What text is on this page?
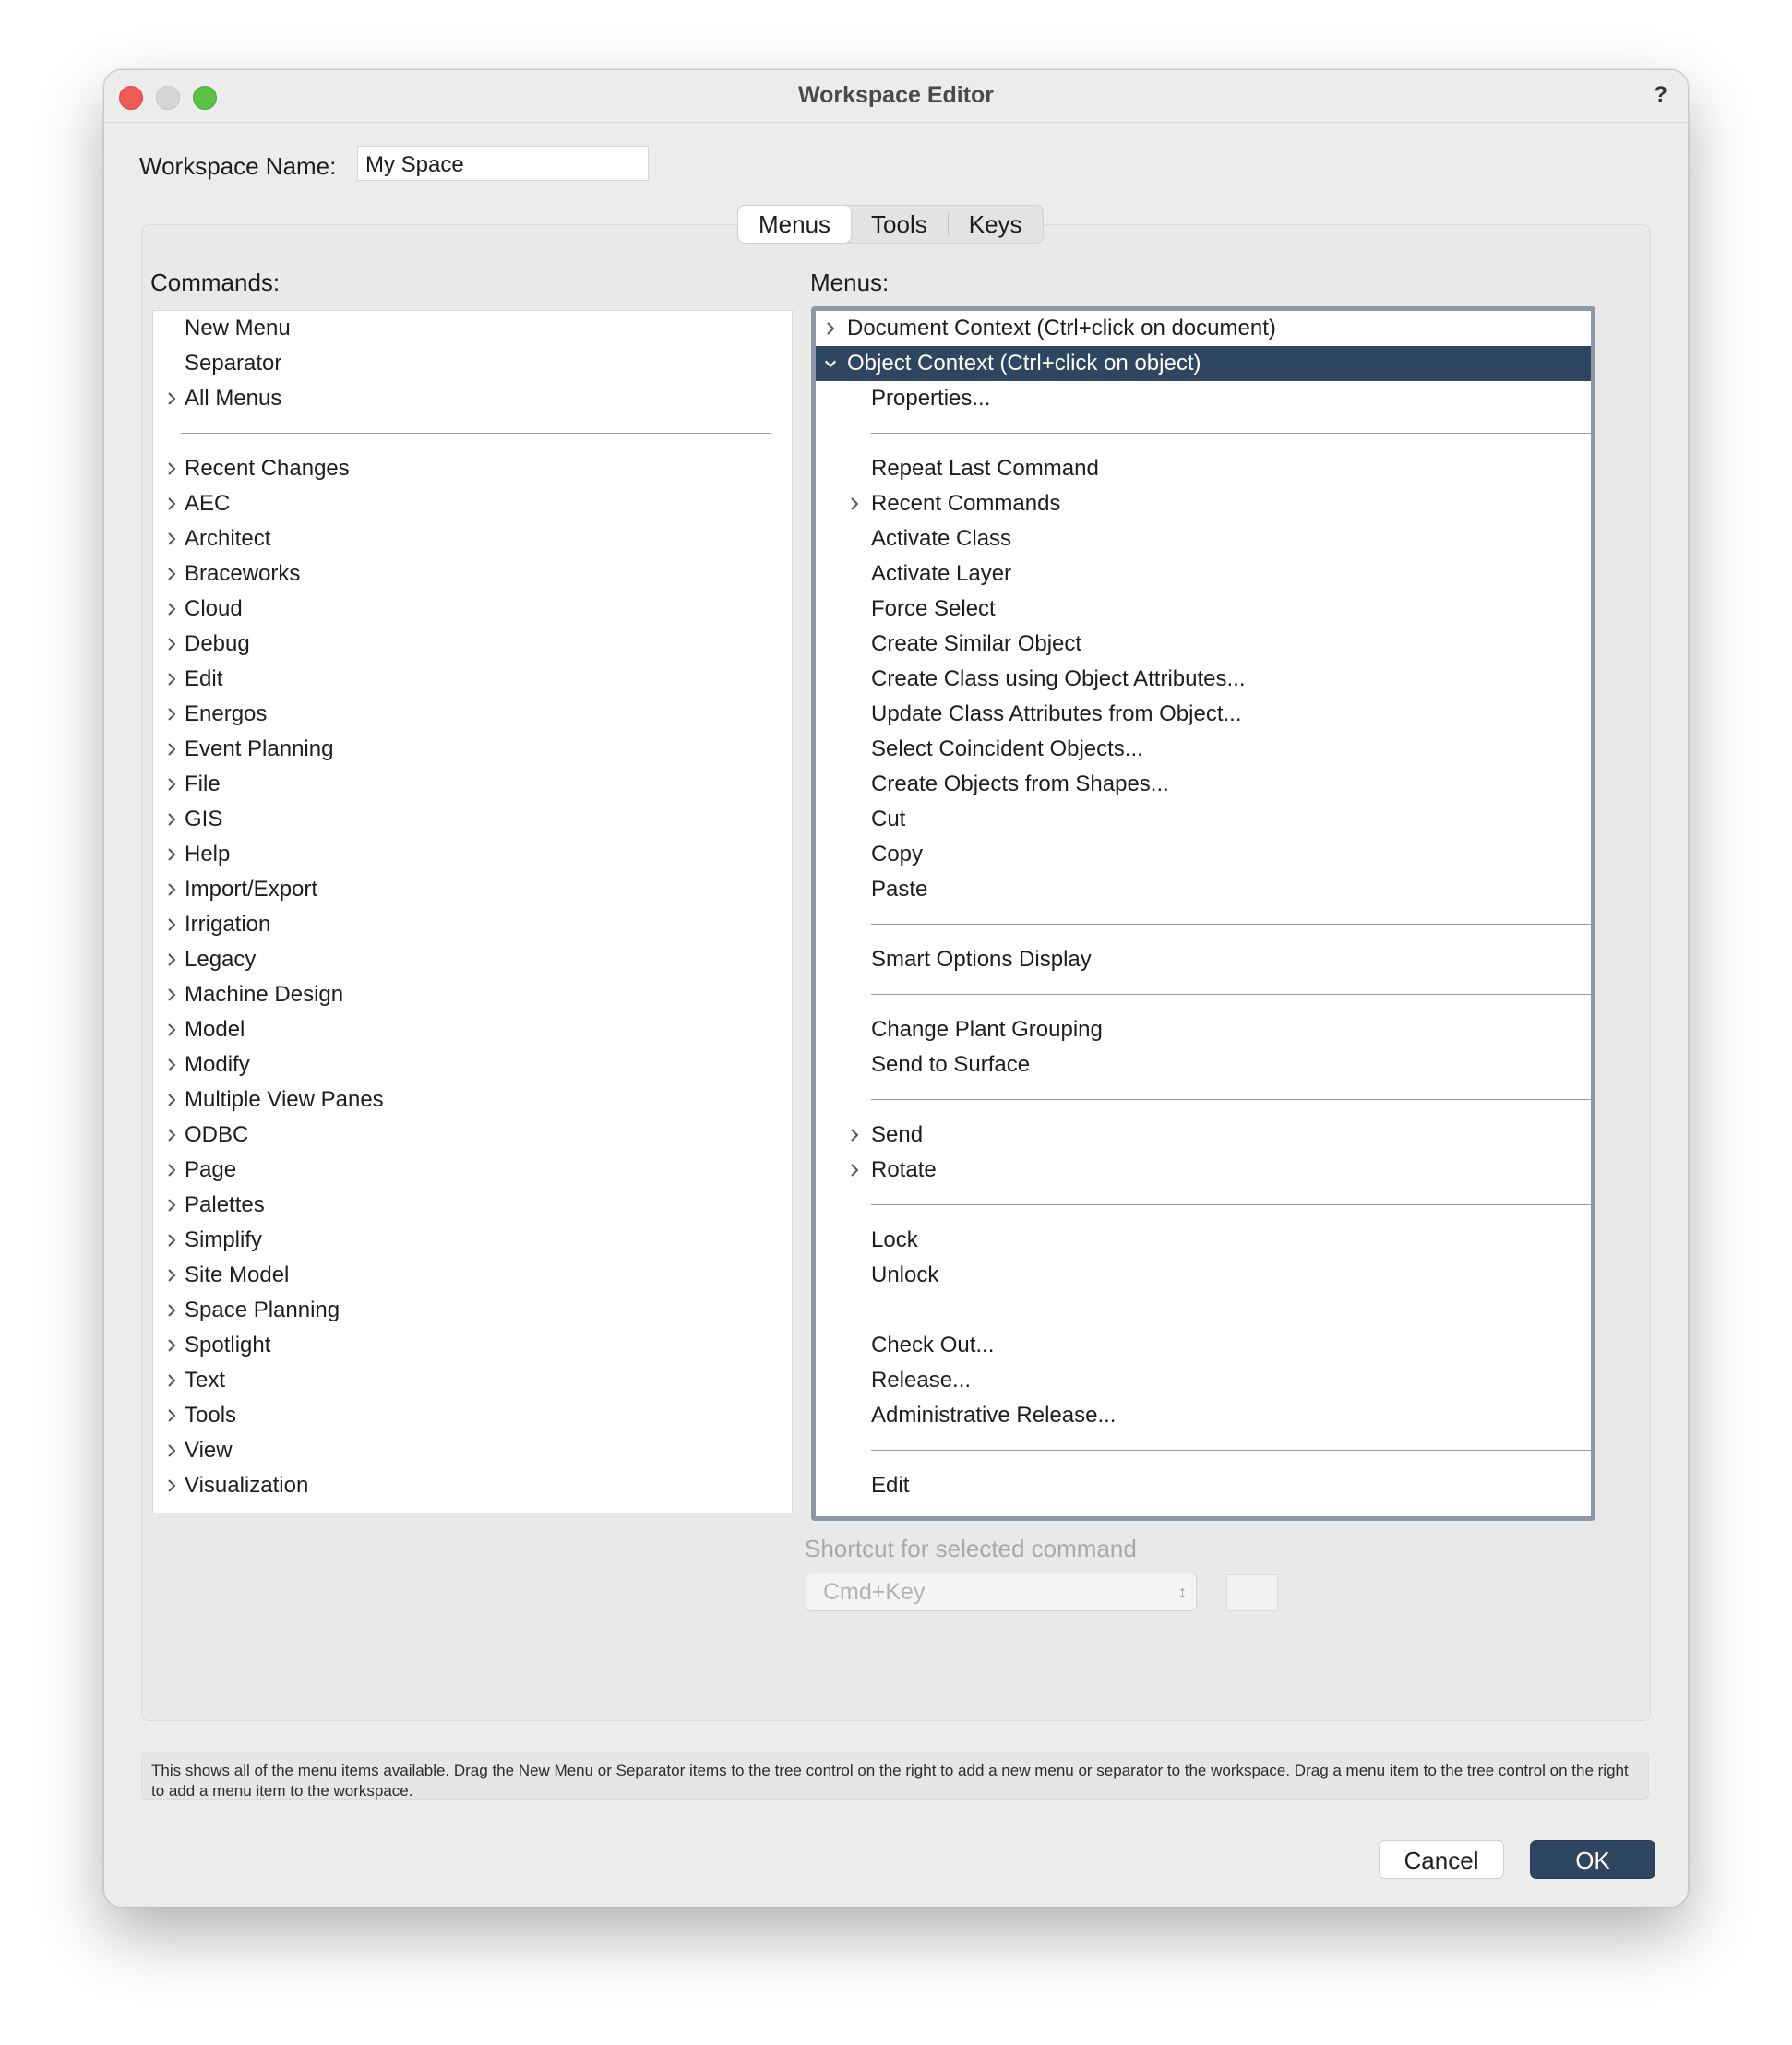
Workspace Editor	?
Workspace Name:	My Space
Menus	Tools	Keys
Commands:	Menus:
New Menu
Separator
All Menus
Recent Changes
AEC
Architect
Braceworks
Cloud
Debug
Edit
Energos
Event Planning
File
GIS
Help
Import/Export
Irrigation
Legacy
Machine Design
Model
Modify
Multiple View Panes
ODBC
Page
Palettes
Simplify
Site Model
Space Planning
Spotlight
Text
Tools
View
Visualization
Document Context (Ctrl+click on document)
Object Context (Ctrl+click on object)
Properties...
Repeat Last Command
Recent Commands
Activate Class
Activate Layer
Force Select
Create Similar Object
Create Class using Object Attributes...
Update Class Attributes from Object...
Select Coincident Objects...
Create Objects from Shapes...
Cut
Copy
Paste
Smart Options Display
Change Plant Grouping
Send to Surface
Send
Rotate
Lock
Unlock
Check Out...
Release...
Administrative Release...
Edit
Shortcut for selected command
Cmd+Key	↕
This shows all of the menu items available. Drag the New Menu or Separator items to the tree control on the right to add a new menu or separator to the workspace. Drag a menu item to the tree control on the right to add a menu item to the workspace.
Cancel	OK
